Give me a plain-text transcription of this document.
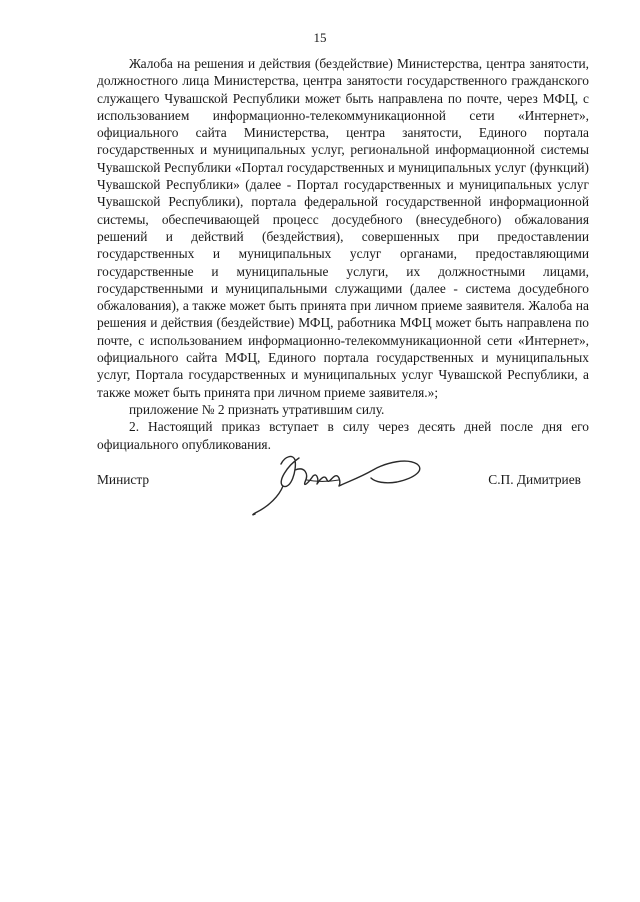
15

Жалоба на решения и действия (бездействие) Министерства, центра занятости, должностного лица Министерства, центра занятости государственного гражданского служащего Чувашской Республики может быть направлена по почте, через МФЦ, с использованием информационно-телекоммуникационной сети «Интернет», официального сайта Министерства, центра занятости, Единого портала государственных и муниципальных услуг, региональной информационной системы Чувашской Республики «Портал государственных и муниципальных услуг (функций) Чувашской Республики» (далее - Портал государственных и муниципальных услуг Чувашской Республики), портала федеральной государственной информационной системы, обеспечивающей процесс досудебного (внесудебного) обжалования решений и действий (бездействия), совершенных при предоставлении государственных и муниципальных услуг органами, предоставляющими государственные и муниципальные услуги, их должностными лицами, государственными и муниципальными служащими (далее - система досудебного обжалования), а также может быть принята при личном приеме заявителя. Жалоба на решения и действия (бездействие) МФЦ, работника МФЦ может быть направлена по почте, с использованием информационно-телекоммуникационной сети «Интернет», официального сайта МФЦ, Единого портала государственных и муниципальных услуг, Портала государственных и муниципальных услуг Чувашской Республики, а также может быть принята при личном приеме заявителя.»;

приложение № 2 признать утратившим силу.

2. Настоящий приказ вступает в силу через десять дней после дня его официального опубликования.

Министр	С.П. Димитриев
